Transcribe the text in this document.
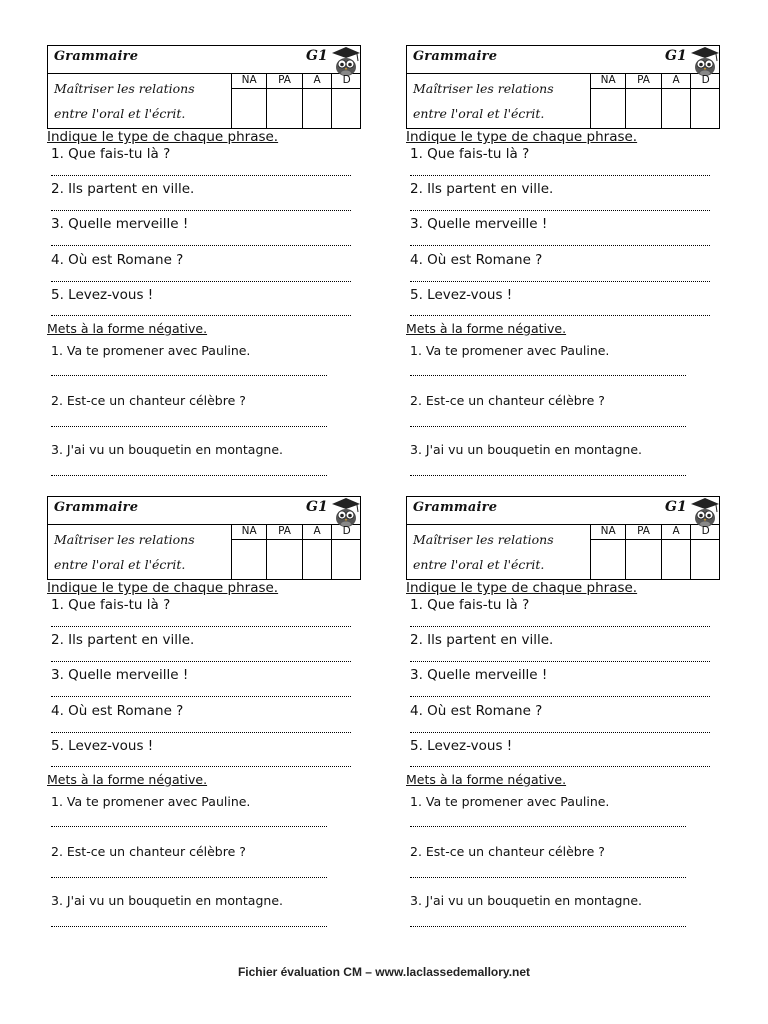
Grammaire	G1
Maîtriser les relations
entre l'oral et l'écrit.
NA	PA	A	D
Indique le type de chaque phrase.
1. Que fais-tu là ?
2. Ils partent en ville.
3. Quelle merveille !
4. Où est Romane ?
5. Levez-vous !
Mets à la forme négative.
1. Va te promener avec Pauline.
2. Est-ce un chanteur célèbre ?
3. J'ai vu un bouquetin en montagne.
Grammaire	G1
Maîtriser les relations
entre l'oral et l'écrit.
NA	PA	A	D
Indique le type de chaque phrase.
1. Que fais-tu là ?
2. Ils partent en ville.
3. Quelle merveille !
4. Où est Romane ?
5. Levez-vous !
Mets à la forme négative.
1. Va te promener avec Pauline.
2. Est-ce un chanteur célèbre ?
3. J'ai vu un bouquetin en montagne.
Grammaire	G1
Maîtriser les relations
entre l'oral et l'écrit.
NA	PA	A	D
Indique le type de chaque phrase.
1. Que fais-tu là ?
2. Ils partent en ville.
3. Quelle merveille !
4. Où est Romane ?
5. Levez-vous !
Mets à la forme négative.
1. Va te promener avec Pauline.
2. Est-ce un chanteur célèbre ?
3. J'ai vu un bouquetin en montagne.
Grammaire	G1
Maîtriser les relations
entre l'oral et l'écrit.
NA	PA	A	D
Indique le type de chaque phrase.
1. Que fais-tu là ?
2. Ils partent en ville.
3. Quelle merveille !
4. Où est Romane ?
5. Levez-vous !
Mets à la forme négative.
1. Va te promener avec Pauline.
2. Est-ce un chanteur célèbre ?
3. J'ai vu un bouquetin en montagne.
Fichier évaluation CM – www.laclassedemallory.net
